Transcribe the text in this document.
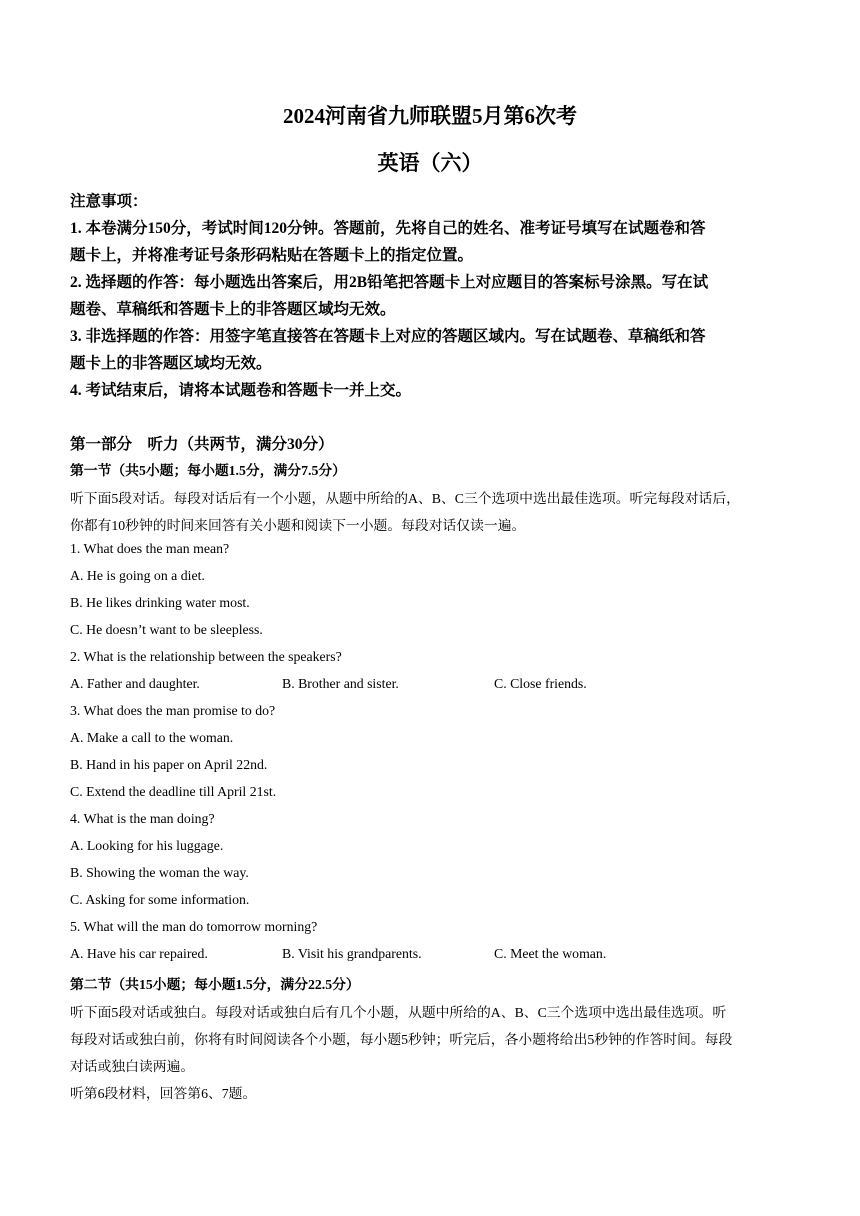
2024河南省九师联盟5月第6次考
英语（六）
注意事项：
1. 本卷满分150分，考试时间120分钟。答题前，先将自己的姓名、准考证号填写在试题卷和答
题卡上，并将准考证号条形码粘贴在答题卡上的指定位置。
2. 选择题的作答：每小题选出答案后，用2B铅笔把答题卡上对应题目的答案标号涂黑。写在试
题卷、草稿纸和答题卡上的非答题区域均无效。
3. 非选择题的作答：用签字笔直接答在答题卡上对应的答题区域内。写在试题卷、草稿纸和答
题卡上的非答题区域均无效。
4. 考试结束后，请将本试题卷和答题卡一并上交。
第一部分　听力（共两节，满分30分）
第一节（共5小题；每小题1.5分，满分7.5分）
听下面5段对话。每段对话后有一个小题，从题中所给的A、B、C三个选项中选出最佳选项。听完每段对话后，
你都有10秒钟的时间来回答有关小题和阅读下一小题。每段对话仅读一遍。
1. What does the man mean?
A. He is going on a diet.
B. He likes drinking water most.
C. He doesn’t want to be sleepless.
2. What is the relationship between the speakers?
A. Father and daughter.	B. Brother and sister.	C. Close friends.
3. What does the man promise to do?
A. Make a call to the woman.
B. Hand in his paper on April 22nd.
C. Extend the deadline till April 21st.
4. What is the man doing?
A. Looking for his luggage.
B. Showing the woman the way.
C. Asking for some information.
5. What will the man do tomorrow morning?
A. Have his car repaired.	B. Visit his grandparents.	C. Meet the woman.
第二节（共15小题；每小题1.5分，满分22.5分）
听下面5段对话或独白。每段对话或独白后有几个小题，从题中所给的A、B、C三个选项中选出最佳选项。听
每段对话或独白前，你将有时间阅读各个小题，每小题5秒钟；听完后，各小题将给出5秒钟的作答时间。每段
对话或独白读两遍。
听第6段材料，回答第6、7题。
